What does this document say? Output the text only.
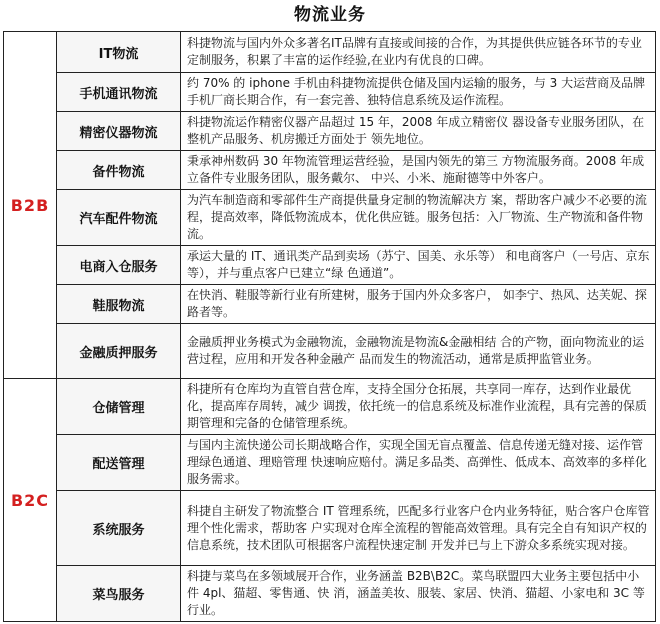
物流业务
B2B	IT物流	科捷物流与国内外众多著名IT品牌有直接或间接的合作，为其提供供应链各环节的专业定制服务，积累了丰富的运作经验,在业内有优良的口碑。
	手机通讯物流	约 70% 的 iphone 手机由科捷物流提供仓储及国内运输的服务，与 3 大运营商及品牌手机厂商长期合作，有一套完善、独特信息系统及运作流程。
	精密仪器物流	科捷物流运作精密仪器产品超过 15 年，2008 年成立精密仪 器设备专业服务团队，在整机产品服务、机房搬迁方面处于 领先地位。
	备件物流	秉承神州数码 30 年物流管理运营经验，是国内领先的第三 方物流服务商。2008 年成立备件专业服务团队，服务戴尔、 中兴、小米、施耐德等中外客户。
	汽车配件物流	为汽车制造商和零部件生产商提供量身定制的物流解决方 案，帮助客户减少不必要的流程，提高效率，降低物流成本，优化供应链。服务包括：入厂物流、生产物流和备件物流。
	电商入仓服务	承运大量的 IT、通讯类产品到卖场（苏宁、国美、永乐等） 和电商客户（一号店、京东等），并与重点客户已建立“绿 色通道”。
	鞋服物流	在快消、鞋服等新行业有所建树，服务于国内外众多客户， 如李宁、热风、达芙妮、探路者等。
	金融质押服务	金融质押业务模式为金融物流，金融物流是物流&金融相结 合的产物，面向物流业的运营过程，应用和开发各种金融产 品而发生的物流活动，通常是质押监管业务。
B2C	仓储管理	科捷所有仓库均为直管自营仓库，支持全国分仓拓展，共享同一库存，达到作业最优化，提高库存周转，减少 调拨，依托统一的信息系统及标准作业流程，具有完善的保质期管理和完备的仓储管理系统。
	配送管理	与国内主流快递公司长期战略合作，实现全国无盲点覆盖、信息传递无缝对接、运作管理绿色通道、理赔管理 快速响应赔付。满足多品类、高弹性、低成本、高效率的多样化服务需求。
	系统服务	科捷自主研发了物流整合 IT 管理系统，匹配多行业客户仓内业务特征，贴合客户仓库管理个性化需求，帮助客 户实现对仓库全流程的智能高效管理。具有完全自有知识产权的信息系统，技术团队可根据客户流程快速定制 开发并已与上下游众多系统实现对接。
	菜鸟服务	科捷与菜鸟在多领域展开合作，业务涵盖 B2B\B2C。菜鸟联盟四大业务主要包括中小件 4pl、猫超、零售通、快 消，涵盖美妆、服装、家居、快消、猫超、小家电和 3C 等行业。
